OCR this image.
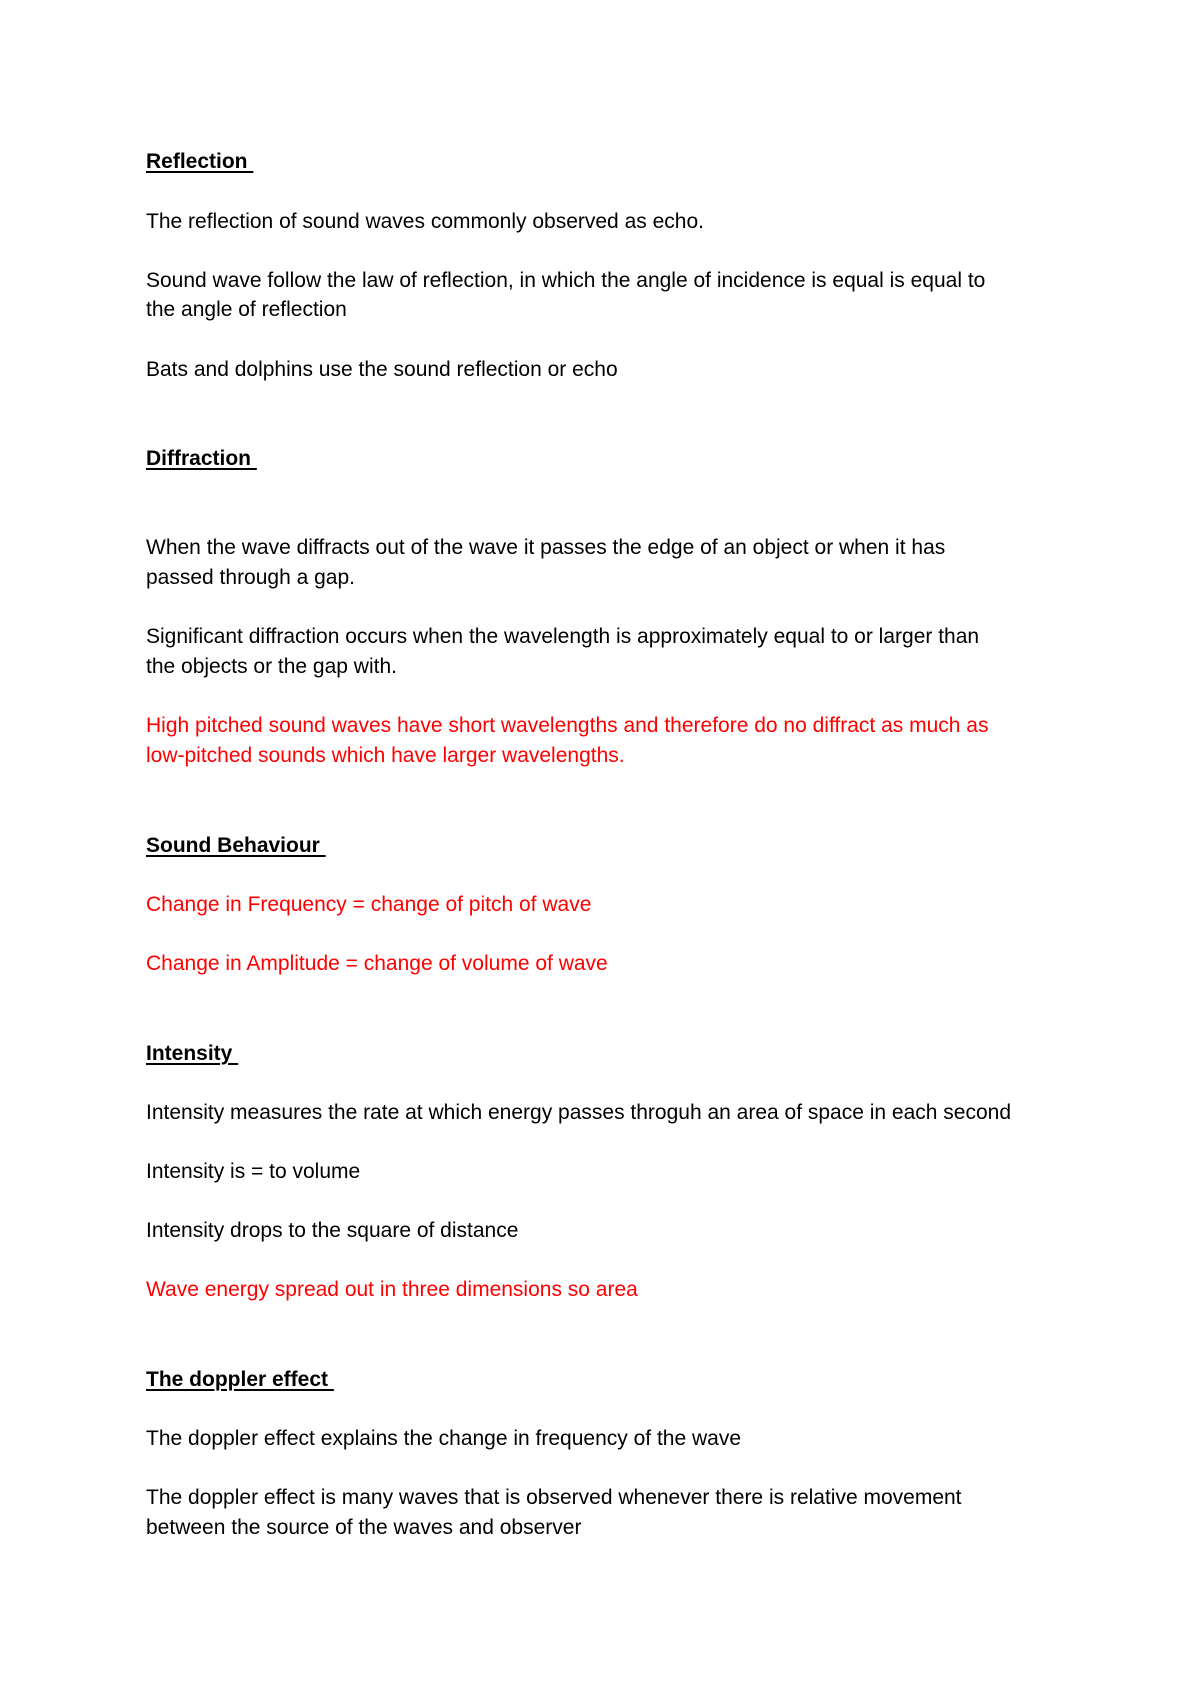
Reflection
The reflection of sound waves commonly observed as echo.
Sound wave follow the law of reflection, in which the angle of incidence is equal is equal to
the angle of reflection
Bats and dolphins use the sound reflection or echo
Diffraction
When the wave diffracts out of the wave it passes the edge of an object or when it has
passed through a gap.
Significant diffraction occurs when the wavelength is approximately equal to or larger than
the objects or the gap with.
High pitched sound waves have short wavelengths and therefore do no diffract as much as
low-pitched sounds which have larger wavelengths.
Sound Behaviour
Change in Frequency = change of pitch of wave
Change in Amplitude = change of volume of wave
Intensity
Intensity measures the rate at which energy passes throguh an area of space in each second
Intensity is = to volume
Intensity drops to the square of distance
Wave energy spread out in three dimensions so area
The doppler effect
The doppler effect explains the change in frequency of the wave
The doppler effect is many waves that is observed whenever there is relative movement
between the source of the waves and observer
